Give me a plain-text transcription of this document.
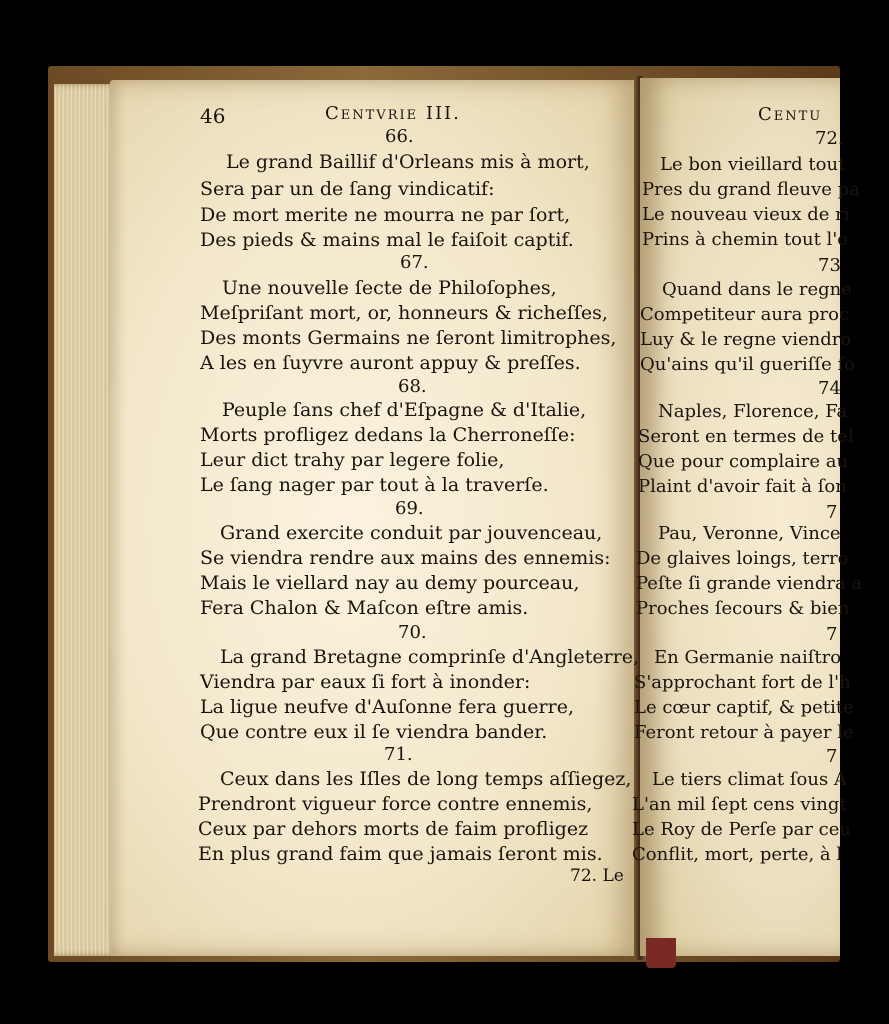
46	Centvrie III.
66.
Le grand Baillif d'Orleans mis à mort,
Sera par un de ſang vindicatif:
De mort merite ne mourra ne par ſort,
Des pieds & mains mal le faiſoit captif.
67.
Une nouvelle ſecte de Philoſophes,
Meſpriſant mort, or, honneurs & richeſſes,
Des monts Germains ne ſeront limitrophes,
A les en ſuyvre auront appuy & preſſes.
68.
Peuple ſans chef d'Eſpagne & d'Italie,
Morts profligez dedans la Cherroneſſe:
Leur dict trahy par legere folie,
Le ſang nager par tout à la traverſe.
69.
Grand exercite conduit par jouvenceau,
Se viendra rendre aux mains des ennemis:
Mais le viellard nay au demy pourceau,
Fera Chalon & Maſcon eſtre amis.
70.
La grand Bretagne comprinſe d'Angleterre,
Viendra par eaux ſi fort à inonder:
La ligue neufve d'Auſonne fera guerre,
Que contre eux il ſe viendra bander.
71.
Ceux dans les Iſles de long temps aſſiegez,
Prendront vigueur force contre ennemis,
Ceux par dehors morts de faim profligez
En plus grand faim que jamais ſeront mis.
72. Le
Centu
72.
Le bon vieillard tout
Pres du grand fleuve pa
Le nouveau vieux de ri
Prins à chemin tout l'o
73
Quand dans le regne
Competiteur aura proc
Luy & le regne viendro
Qu'ains qu'il gueriſſe ſo
74
Naples, Florence, Fa
Seront en termes de tel
Que pour complaire au
Plaint d'avoir fait à ſon
7
Pau, Veronne, Vince
De glaives loings, terro
Peſte ſi grande viendra a
Proches ſecours & bien
7
En Germanie naiſtro
S'approchant fort de l'h
Le cœur captif, & petite
Feront retour à payer le
7
Le tiers climat ſous A
L'an mil ſept cens vingt
Le Roy de Perſe par ceu
Conflit, mort, perte, à l
